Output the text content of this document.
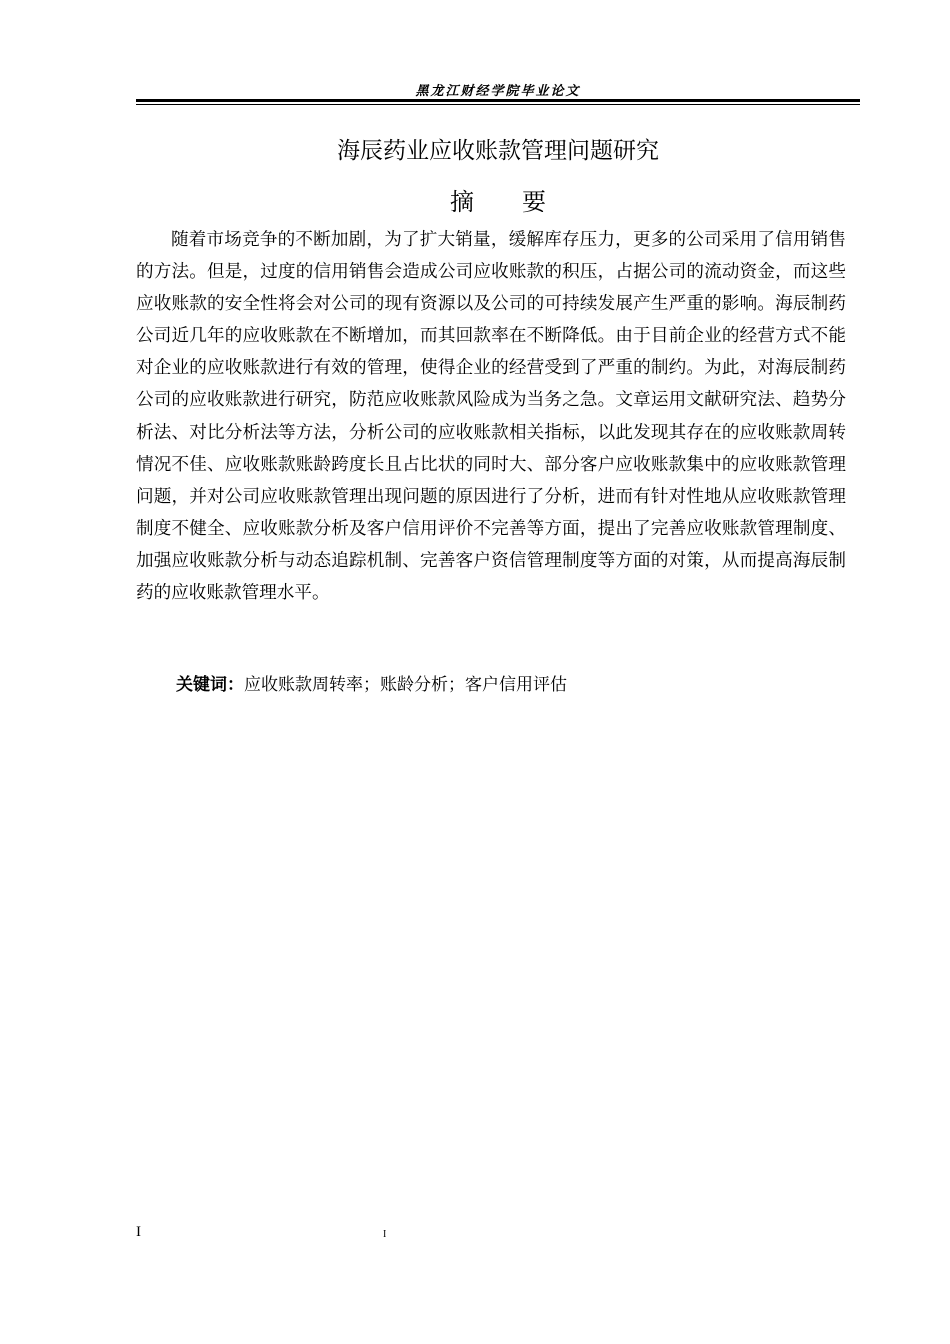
黑龙江财经学院毕业论文
海辰药业应收账款管理问题研究
摘 要

随着市场竞争的不断加剧，为了扩大销量，缓解库存压力，更多的公司采用了信用销售的方法。但是，过度的信用销售会造成公司应收账款的积压，占据公司的流动资金，而这些应收账款的安全性将会对公司的现有资源以及公司的可持续发展产生严重的影响。海辰制药公司近几年的应收账款在不断增加，而其回款率在不断降低。由于目前企业的经营方式不能对企业的应收账款进行有效的管理，使得企业的经营受到了严重的制约。为此，对海辰制药公司的应收账款进行研究，防范应收账款风险成为当务之急。文章运用文献研究法、趋势分析法、对比分析法等方法，分析公司的应收账款相关指标，以此发现其存在的应收账款周转情况不佳、应收账款账龄跨度长且占比状的同时大、部分客户应收账款集中的应收账款管理问题，并对公司应收账款管理出现问题的原因进行了分析，进而有针对性地从应收账款管理制度不健全、应收账款分析及客户信用评价不完善等方面，提出了完善应收账款管理制度、加强应收账款分析与动态追踪机制、完善客户资信管理制度等方面的对策，从而提高海辰制药的应收账款管理水平。

关键词：应收账款周转率；账龄分析；客户信用评估
I	I
